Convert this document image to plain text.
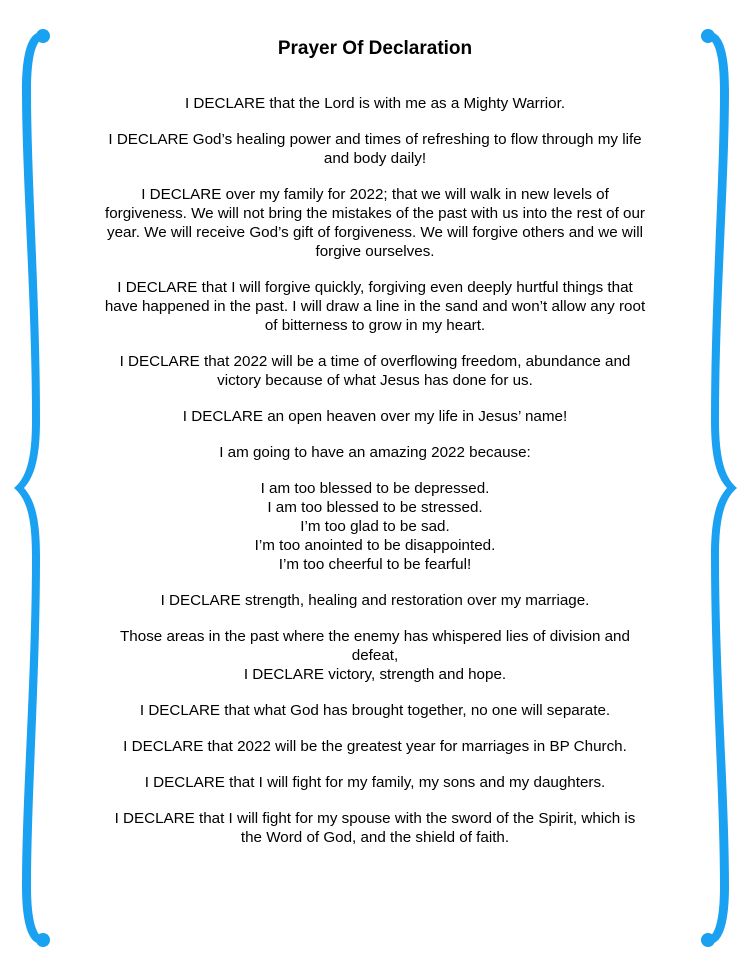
Prayer Of Declaration

I DECLARE that the Lord is with me as a Mighty Warrior.

I DECLARE God’s healing power and times of refreshing to flow through my life
and body daily!

I DECLARE over my family for 2022; that we will walk in new levels of
forgiveness. We will not bring the mistakes of the past with us into the rest of our
year. We will receive God’s gift of forgiveness. We will forgive others and we will
forgive ourselves.

I DECLARE that I will forgive quickly, forgiving even deeply hurtful things that
have happened in the past. I will draw a line in the sand and won’t allow any root
of bitterness to grow in my heart.

I DECLARE that 2022 will be a time of overflowing freedom, abundance and
victory because of what Jesus has done for us.

I DECLARE an open heaven over my life in Jesus’ name!

I am going to have an amazing 2022 because:

I am too blessed to be depressed.
I am too blessed to be stressed.
I’m too glad to be sad.
I’m too anointed to be disappointed.
I’m too cheerful to be fearful!

I DECLARE strength, healing and restoration over my marriage.

Those areas in the past where the enemy has whispered lies of division and
defeat,
I DECLARE victory, strength and hope.

I DECLARE that what God has brought together, no one will separate.

I DECLARE that 2022 will be the greatest year for marriages in BP Church.

I DECLARE that I will fight for my family, my sons and my daughters.

I DECLARE that I will fight for my spouse with the sword of the Spirit, which is
the Word of God, and the shield of faith.
